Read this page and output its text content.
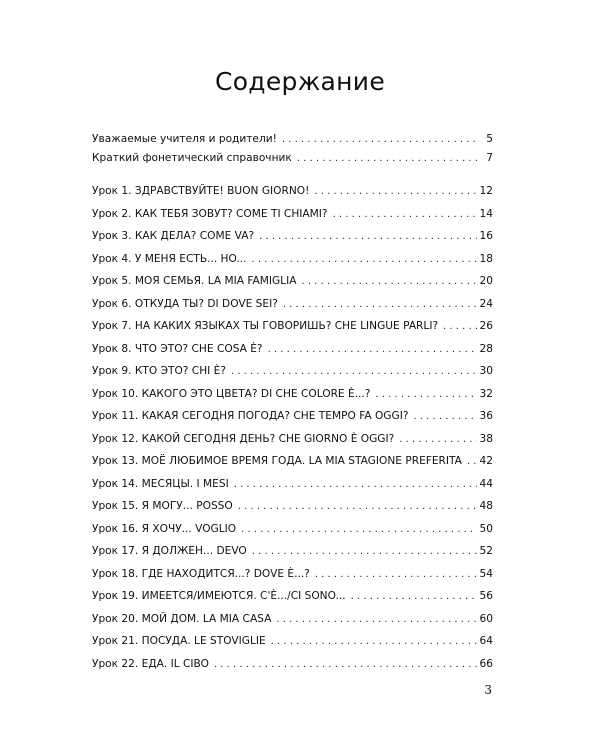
Содержание
Уважаемые учителя и родители! . . .	5
Краткий фонетический справочник . . .	7
Урок 1. ЗДРАВСТВУЙТЕ! BUON GIORNO! . . .	12
Урок 2. КАК ТЕБЯ ЗОВУТ? COME TI CHIAMI? . . .	14
Урок 3. КАК ДЕЛА? COME VA? . . .	16
Урок 4. У МЕНЯ ЕСТЬ... HO... . . .	18
Урок 5. МОЯ СЕМЬЯ. LA MIA FAMIGLIA . . .	20
Урок 6. ОТКУДА ТЫ? DI DOVE SEI? . . .	24
Урок 7. НА КАКИХ ЯЗЫКАХ ТЫ ГОВОРИШЬ? CHE LINGUE PARLI? . . .	26
Урок 8. ЧТО ЭТО? CHE COSA È? . . .	28
Урок 9. КТО ЭТО? CHI È? . . .	30
Урок 10. КАКОГО ЭТО ЦВЕТА? DI CHE COLORE È...? . . .	32
Урок 11. КАКАЯ СЕГОДНЯ ПОГОДА? CHE TEMPO FA OGGI? . . .	36
Урок 12. КАКОЙ СЕГОДНЯ ДЕНЬ? CHE GIORNO È OGGI? . . .	38
Урок 13. МОЁ ЛЮБИМОЕ ВРЕМЯ ГОДА. LA MIA STAGIONE PREFERITA . . . 42
Урок 14. МЕСЯЦЫ. I MESI . . .	44
Урок 15. Я МОГУ... POSSO . . .	48
Урок 16. Я ХОЧУ... VOGLIO . . .	50
Урок 17. Я ДОЛЖЕН... DEVO . . .	52
Урок 18. ГДЕ НАХОДИТСЯ...? DOVE È...? . . .	54
Урок 19. ИМЕЕТСЯ/ИМЕЮТСЯ. C'È.../CI SONO... . . .	56
Урок 20. МОЙ ДОМ. LA MIA CASA . . .	60
Урок 21. ПОСУДА. LE STOVIGLIE . . .	64
Урок 22. ЕДА. IL CIBO . . .	66
3
